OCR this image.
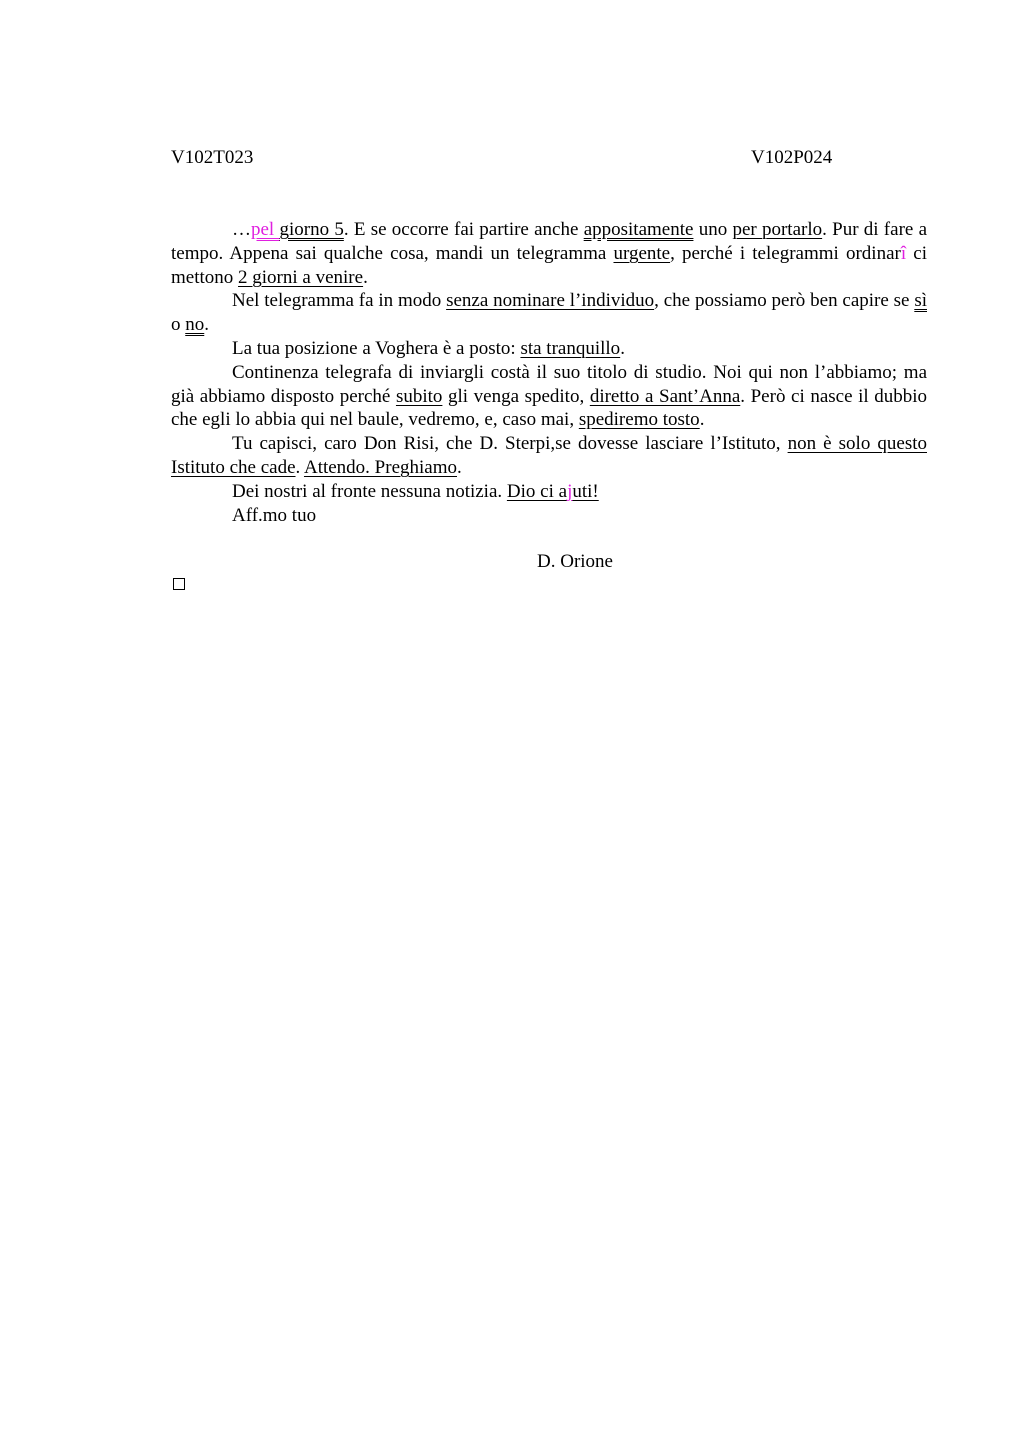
V102T023	V102P024

…pel giorno 5. E se occorre fai partire anche appositamente uno per portarlo. Pur di fare a tempo. Appena sai qualche cosa, mandi un telegramma urgente, perché i telegrammi ordinarî ci mettono 2 giorni a venire.

Nel telegramma fa in modo senza nominare l’individuo, che possiamo però ben capire se sì o no.

La tua posizione a Voghera è a posto: sta tranquillo.

Continenza telegrafa di inviargli costà il suo titolo di studio. Noi qui non l’abbiamo; ma già abbiamo disposto perché subito gli venga spedito, diretto a Sant’Anna. Però ci nasce il dubbio che egli lo abbia qui nel baule, vedremo, e, caso mai, spediremo tosto.

Tu capisci, caro Don Risi, che D. Sterpi,se dovesse lasciare l’Istituto, non è solo questo Istituto che cade. Attendo. Preghiamo.

Dei nostri al fronte nessuna notizia. Dio ci ajuti!

Aff.mo tuo

D. Orione
